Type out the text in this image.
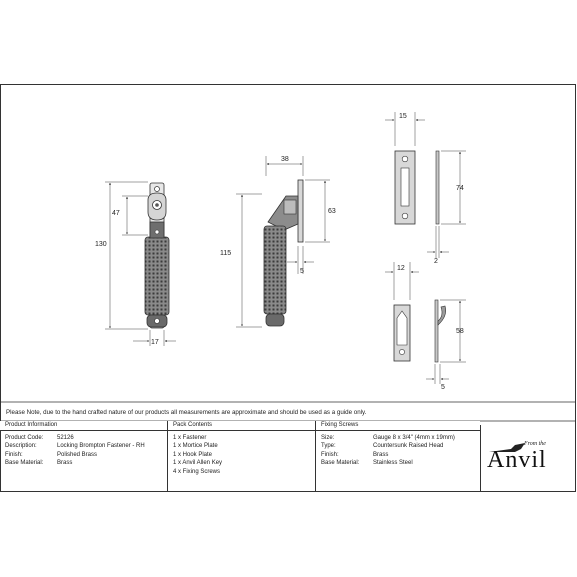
130
47
17
38
115
63
5
15
74
2
12
58
5
Please Note, due to the hand crafted nature of our products all measurements are approximate and should be used as a guide only.
Product Information
Product Code: 52126
Description:	Locking Brompton Fastener - RH
Finish:	Polished Brass
Base Material: Brass
Pack Contents
1 x Fastener
1 x Mortice Plate
1 x Hook Plate
1 x Anvil Allen Key
4 x Fixing Screws
Fixing Screws
Size:	Gauge 8 x 3/4" (4mm x 19mm)
Type:	Countersunk Raised Head
Finish:	Brass
Base Material: Stainless Steel
From the
Anvil
